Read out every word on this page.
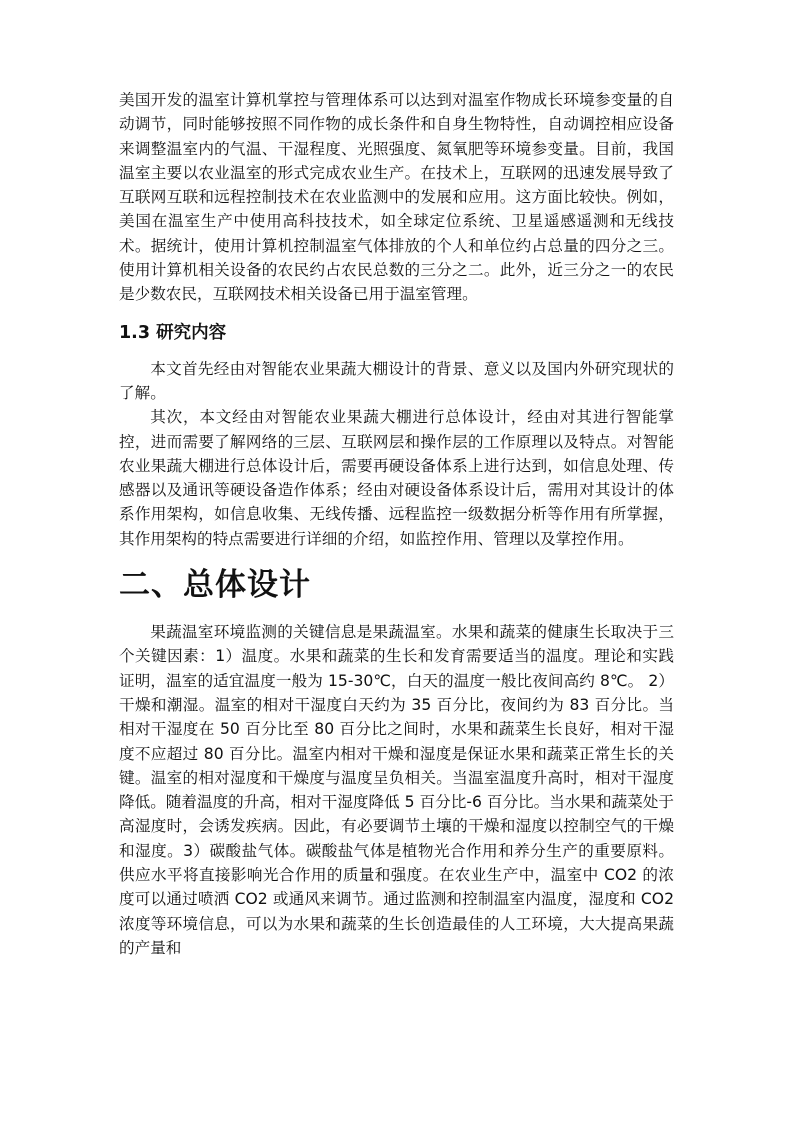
美国开发的温室计算机掌控与管理体系可以达到对温室作物成长环境参变量的自动调节，同时能够按照不同作物的成长条件和自身生物特性，自动调控相应设备来调整温室内的气温、干湿程度、光照强度、氮氧肥等环境参变量。目前，我国温室主要以农业温室的形式完成农业生产。在技术上，互联网的迅速发展导致了互联网互联和远程控制技术在农业监测中的发展和应用。这方面比较快。例如，美国在温室生产中使用高科技技术，如全球定位系统、卫星遥感遥测和无线技术。据统计，使用计算机控制温室气体排放的个人和单位约占总量的四分之三。使用计算机相关设备的农民约占农民总数的三分之二。此外，近三分之一的农民是少数农民，互联网技术相关设备已用于温室管理。

1.3 研究内容

本文首先经由对智能农业果蔬大棚设计的背景、意义以及国内外研究现状的了解。

其次，本文经由对智能农业果蔬大棚进行总体设计，经由对其进行智能掌控，进而需要了解网络的三层、互联网层和操作层的工作原理以及特点。对智能农业果蔬大棚进行总体设计后，需要再硬设备体系上进行达到，如信息处理、传感器以及通讯等硬设备造作体系；经由对硬设备体系设计后，需用对其设计的体系作用架构，如信息收集、无线传播、远程监控一级数据分析等作用有所掌握，其作用架构的特点需要进行详细的介绍，如监控作用、管理以及掌控作用。

二、总体设计

果蔬温室环境监测的关键信息是果蔬温室。水果和蔬菜的健康生长取决于三个关键因素：1）温度。水果和蔬菜的生长和发育需要适当的温度。理论和实践证明，温室的适宜温度一般为 15-30℃，白天的温度一般比夜间高约 8℃。 2）干燥和潮湿。温室的相对干湿度白天约为 35 百分比，夜间约为 83 百分比。当相对干湿度在 50 百分比至 80 百分比之间时，水果和蔬菜生长良好，相对干湿度不应超过 80 百分比。温室内相对干燥和湿度是保证水果和蔬菜正常生长的关键。温室的相对湿度和干燥度与温度呈负相关。当温室温度升高时，相对干湿度降低。随着温度的升高，相对干湿度降低 5 百分比-6 百分比。当水果和蔬菜处于高湿度时，会诱发疾病。因此，有必要调节土壤的干燥和湿度以控制空气的干燥和湿度。3）碳酸盐气体。碳酸盐气体是植物光合作用和养分生产的重要原料。供应水平将直接影响光合作用的质量和强度。在农业生产中，温室中 CO2 的浓度可以通过喷洒 CO2 或通风来调节。通过监测和控制温室内温度，湿度和 CO2 浓度等环境信息，可以为水果和蔬菜的生长创造最佳的人工环境，大大提高果蔬的产量和
